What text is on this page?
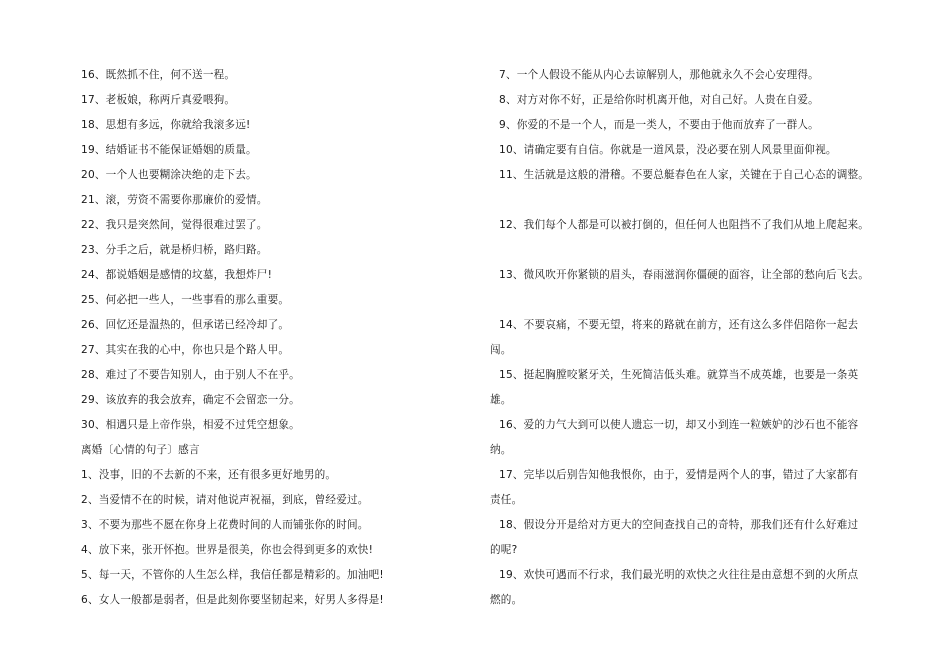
16、既然抓不住，何不送一程。
17、老板娘，称两斤真爱喂狗。
18、思想有多远，你就给我滚多远!
19、结婚证书不能保证婚姻的质量。
20、一个人也要糊涂决绝的走下去。
21、滚，劳资不需要你那廉价的爱情。
22、我只是突然间，觉得很难过罢了。
23、分手之后，就是桥归桥，路归路。
24、都说婚姻是感情的坟墓，我想炸尸!
25、何必把一些人，一些事看的那么重要。
26、回忆还是温热的，但承诺已经冷却了。
27、其实在我的心中，你也只是个路人甲。
28、难过了不要告知别人，由于别人不在乎。
29、该放弃的我会放弃，确定不会留恋一分。
30、相遇只是上帝作祟，相爱不过凭空想象。
离婚〔心情的句子〕感言
1、没事，旧的不去新的不来，还有很多更好地男的。
2、当爱情不在的时候，请对他说声祝福，到底，曾经爱过。
3、不要为那些不愿在你身上花费时间的人而铺张你的时间。
4、放下来，张开怀抱。世界是很美，你也会得到更多的欢快!
5、每一天，不管你的人生怎么样，我信任都是精彩的。加油吧!
6、女人一般都是弱者，但是此刻你要坚韧起来，好男人多得是!
7、一个人假设不能从内心去谅解别人，那他就永久不会心安理得。
8、对方对你不好，正是给你时机离开他，对自己好。人贵在自爱。
9、你爱的不是一个人，而是一类人，不要由于他而放弃了一群人。
10、请确定要有自信。你就是一道风景，没必要在别人风景里面仰视。
11、生活就是这般的滑稽。不要总艇春色在人家，关键在于自己心态的调整。
12、我们每个人都是可以被打倒的，但任何人也阻挡不了我们从地上爬起来。
13、微风吹开你紧锁的眉头，春雨滋润你僵硬的面容，让全部的愁向后飞去。
14、不要哀痛，不要无望，将来的路就在前方，还有这么多伴侣陪你一起去
闯。
15、挺起胸膛咬紧牙关，生死简洁低头难。就算当不成英雄，也要是一条英
雄。
16、爱的力气大到可以使人遗忘一切，却又小到连一粒嫉妒的沙石也不能容
纳。
17、完毕以后别告知他我恨你，由于，爱情是两个人的事，错过了大家都有
责任。
18、假设分开是给对方更大的空间查找自己的奇特，那我们还有什么好难过
的呢?
19、欢快可遇而不行求，我们最光明的欢快之火往往是由意想不到的火所点
燃的。
